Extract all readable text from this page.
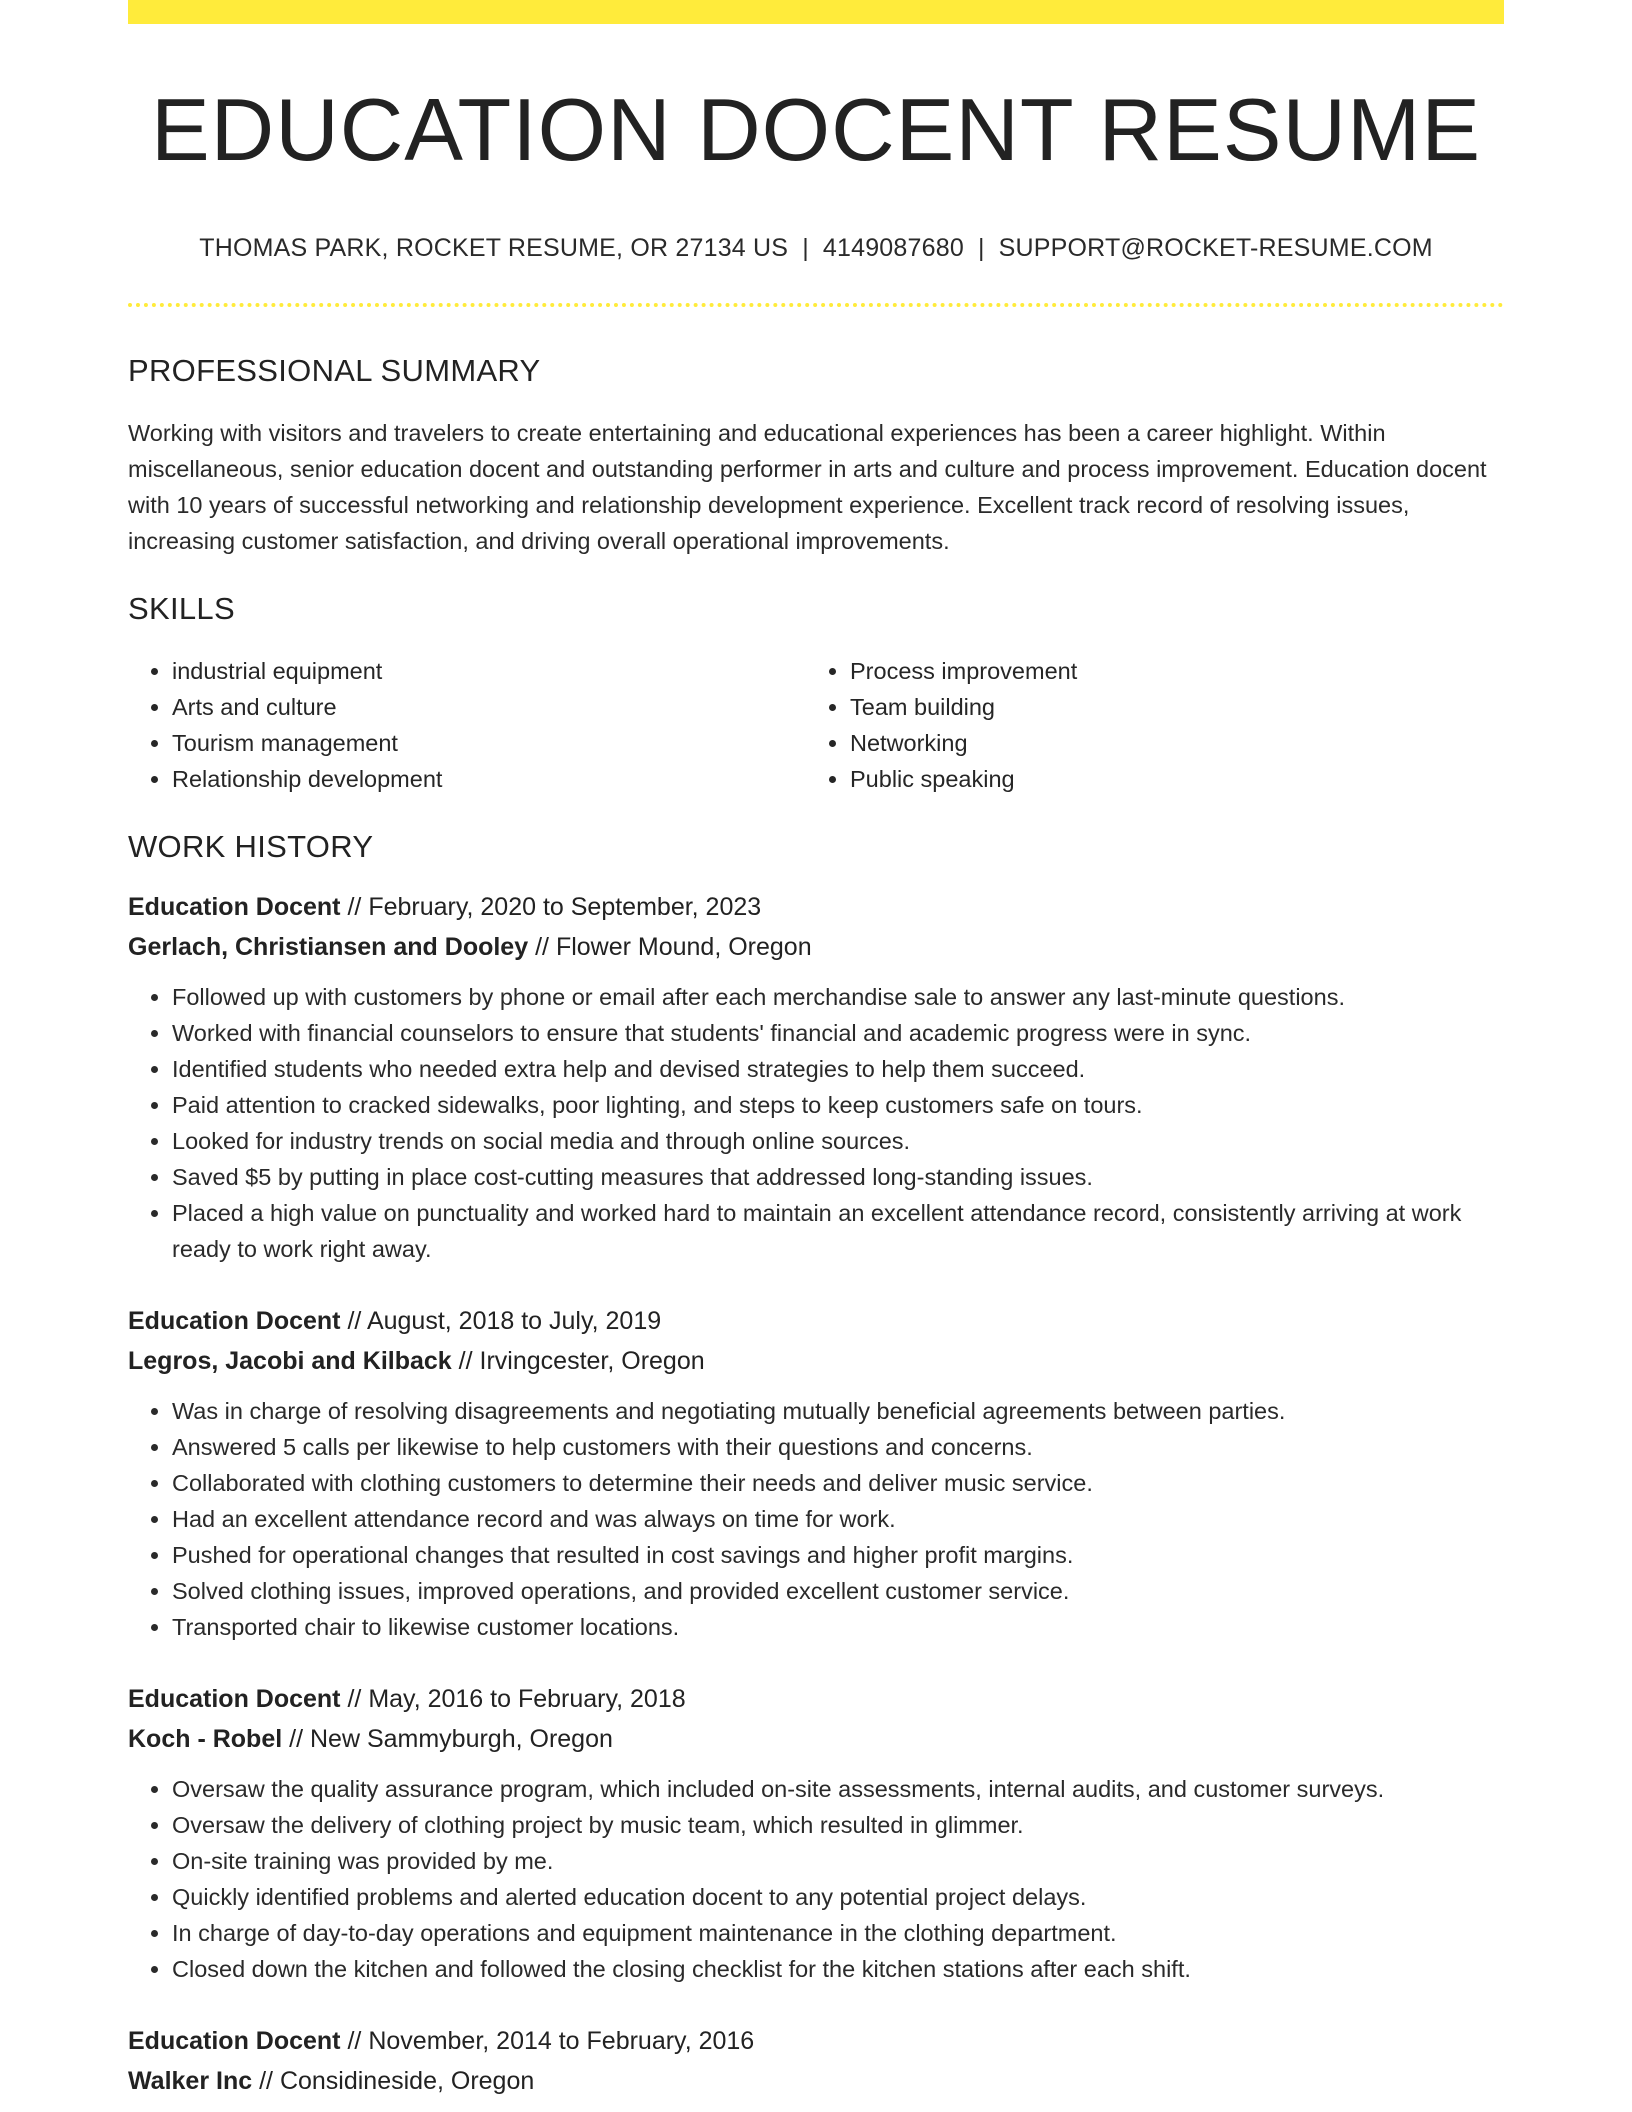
EDUCATION DOCENT RESUME
THOMAS PARK, ROCKET RESUME, OR 27134 US | 4149087680 | SUPPORT@ROCKET-RESUME.COM
PROFESSIONAL SUMMARY

Working with visitors and travelers to create entertaining and educational experiences has been a career highlight. Within miscellaneous, senior education docent and outstanding performer in arts and culture and process improvement. Education docent with 10 years of successful networking and relationship development experience. Excellent track record of resolving issues, increasing customer satisfaction, and driving overall operational improvements.

SKILLS
• industrial equipment
• Arts and culture
• Tourism management
• Relationship development
• Process improvement
• Team building
• Networking
• Public speaking
WORK HISTORY
Education Docent // February, 2020 to September, 2023
Gerlach, Christiansen and Dooley // Flower Mound, Oregon
• Followed up with customers by phone or email after each merchandise sale to answer any last-minute questions.
• Worked with financial counselors to ensure that students' financial and academic progress were in sync.
• Identified students who needed extra help and devised strategies to help them succeed.
• Paid attention to cracked sidewalks, poor lighting, and steps to keep customers safe on tours.
• Looked for industry trends on social media and through online sources.
• Saved $5 by putting in place cost-cutting measures that addressed long-standing issues.
• Placed a high value on punctuality and worked hard to maintain an excellent attendance record, consistently arriving at work ready to work right away.
Education Docent // August, 2018 to July, 2019
Legros, Jacobi and Kilback // Irvingcester, Oregon
• Was in charge of resolving disagreements and negotiating mutually beneficial agreements between parties.
• Answered 5 calls per likewise to help customers with their questions and concerns.
• Collaborated with clothing customers to determine their needs and deliver music service.
• Had an excellent attendance record and was always on time for work.
• Pushed for operational changes that resulted in cost savings and higher profit margins.
• Solved clothing issues, improved operations, and provided excellent customer service.
• Transported chair to likewise customer locations.
Education Docent // May, 2016 to February, 2018
Koch - Robel // New Sammyburgh, Oregon
• Oversaw the quality assurance program, which included on-site assessments, internal audits, and customer surveys.
• Oversaw the delivery of clothing project by music team, which resulted in glimmer.
• On-site training was provided by me.
• Quickly identified problems and alerted education docent to any potential project delays.
• In charge of day-to-day operations and equipment maintenance in the clothing department.
• Closed down the kitchen and followed the closing checklist for the kitchen stations after each shift.
Education Docent // November, 2014 to February, 2016
Walker Inc // Considineside, Oregon
